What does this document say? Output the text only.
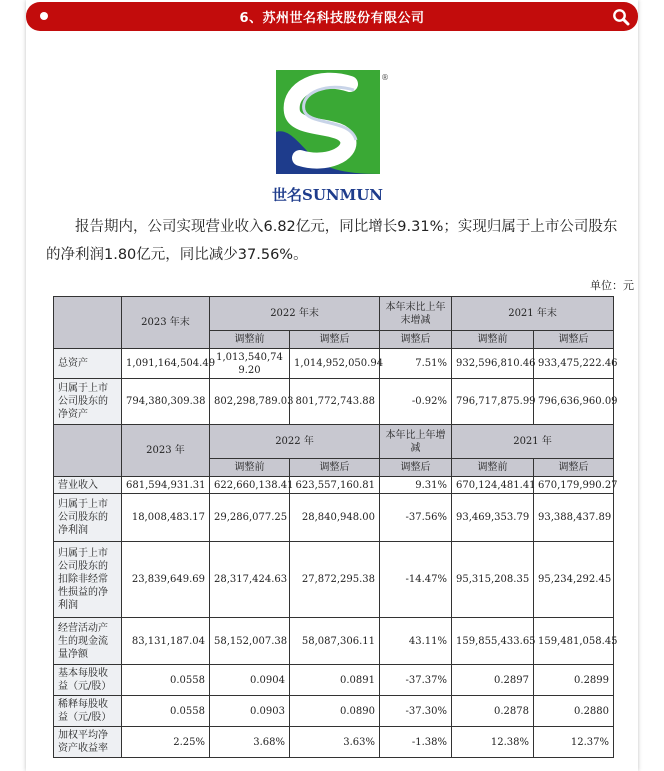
6、苏州世名科技股份有限公司
®
世名SUNMUN
报告期内，公司实现营业收入6.82亿元，同比增长9.31%；实现归属于上市公司股东的净利润1.80亿元，同比减少37.56%。
单位：元
	2023 年末	2022 年末		本年末比上年末增减	2021 年末	
		调整前	调整后	调整后	调整前	调整后
总资产	1,091,164,504.49	1,013,540,749.20	1,014,952,050.94	7.51%	932,596,810.46	933,475,222.46
归属于上市公司股东的净资产	794,380,309.38	802,298,789.03	801,772,743.88	-0.92%	796,717,875.99	796,636,960.09
	2023 年	2022 年		本年比上年增减	2021 年	
		调整前	调整后	调整后	调整前	调整后
营业收入	681,594,931.31	622,660,138.41	623,557,160.81	9.31%	670,124,481.41	670,179,990.27
归属于上市公司股东的净利润	18,008,483.17	29,286,077.25	28,840,948.00	-37.56%	93,469,353.79	93,388,437.89
归属于上市公司股东的扣除非经常性损益的净利润	23,839,649.69	28,317,424.63	27,872,295.38	-14.47%	95,315,208.35	95,234,292.45
经营活动产生的现金流量净额	83,131,187.04	58,152,007.38	58,087,306.11	43.11%	159,855,433.65	159,481,058.45
基本每股收益（元/股）	0.0558	0.0904	0.0891	-37.37%	0.2897	0.2899
稀释每股收益（元/股）	0.0558	0.0903	0.0890	-37.30%	0.2878	0.2880
加权平均净资产收益率	2.25%	3.68%	3.63%	-1.38%	12.38%	12.37%
